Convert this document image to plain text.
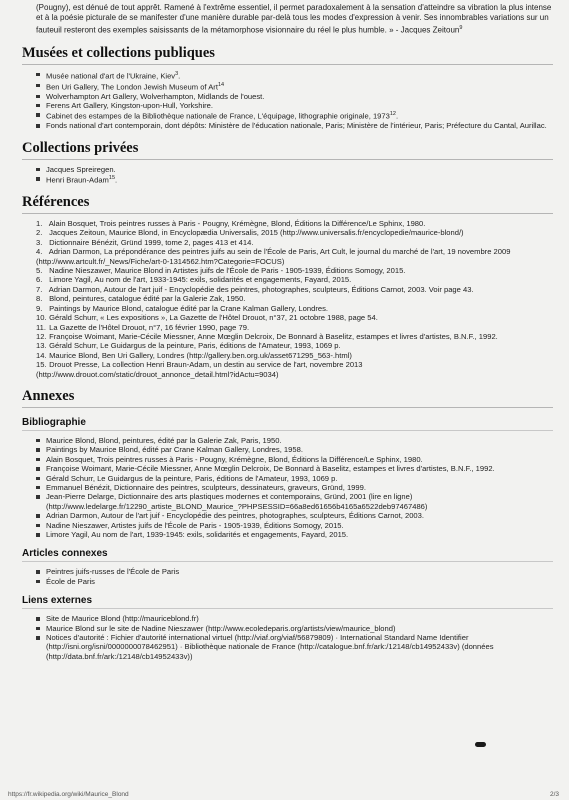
(Pougny), est dénué de tout apprêt. Ramené à l'extrême essentiel, il permet paradoxalement à la sensation d'atteindre sa vibration la plus intense et à la poésie picturale de se manifester d'une manière durable par-delà tous les modes d'expression à venir. Ses innombrables variations sur un fauteuil resteront des exemples saisissants de la métamorphose visionnaire du réel le plus humble. » - Jacques Zeitoun$^9$

Musées et collections publiques
Musée national d'art de l'Ukraine, Kiev$^3$.
Ben Uri Gallery, The London Jewish Museum of Art$^{14}$
Wolverhampton Art Gallery, Wolverhampton, Midlands de l'ouest.
Ferens Art Gallery, Kingston-upon-Hull, Yorkshire.
Cabinet des estampes de la Bibliothèque nationale de France, L'équipage, lithographie originale, 1973$^{12}$.
Fonds national d'art contemporain, dont dépôts: Ministère de l'éducation nationale, Paris; Ministère de l'intérieur, Paris; Préfecture du Cantal, Aurillac.
Collections privées
Jacques Spreiregen.
Henri Braun-Adam$^{15}$.
Références
1. Alain Bosquet, Trois peintres russes à Paris - Pougny, Krémègne, Blond, Éditions la Différence/Le Sphinx, 1980.
2. Jacques Zeitoun, Maurice Blond, in Encyclopædia Universalis, 2015 (http://www.universalis.fr/encyclopedie/maurice-blond/)
3. Dictionnaire Bénézit, Gründ 1999, tome 2, pages 413 et 414.
4. Adrian Darmon, La prépondérance des peintres juifs au sein de l'École de Paris, Art Cult, le journal du marché de l'art, 19 novembre 2009 (http://www.artcult.fr/_News/Fiche/art-0-1314562.htm?Categorie=FOCUS)
5. Nadine Nieszawer, Maurice Blond in Artistes juifs de l'École de Paris - 1905-1939, Éditions Somogy, 2015.
6. Limore Yagil, Au nom de l'art, 1933-1945: exils, solidarités et engagements, Fayard, 2015.
7. Adrian Darmon, Autour de l'art juif - Encyclopédie des peintres, photographes, sculpteurs, Éditions Carnot, 2003. Voir page 43.
8. Blond, peintures, catalogue édité par la Galerie Zak, 1950.
9. Paintings by Maurice Blond, catalogue édité par la Crane Kalman Gallery, Londres.
10. Gérald Schurr, « Les expositions », La Gazette de l'Hôtel Drouot, n°37, 21 octobre 1988, page 54.
11. La Gazette de l'Hôtel Drouot, n°7, 16 février 1990, page 79.
12. Françoise Woimant, Marie-Cécile Miessner, Anne Mœglin Delcroix, De Bonnard à Baselitz, estampes et livres d'artistes, B.N.F., 1992.
13. Gérald Schurr, Le Guidargus de la peinture, Paris, éditions de l'Amateur, 1993, 1069 p.
14. Maurice Blond, Ben Uri Gallery, Londres (http://gallery.ben.org.uk/asset671295_563-.html)
15. Drouot Presse, La collection Henri Braun-Adam, un destin au service de l'art, novembre 2013 (http://www.drouot.com/static/drouot_annonce_detail.html?idActu=9034)
Annexes
Bibliographie
Maurice Blond, Blond, peintures, édité par la Galerie Zak, Paris, 1950.
Paintings by Maurice Blond, édité par Crane Kalman Gallery, Londres, 1958.
Alain Bosquet, Trois peintres russes à Paris - Pougny, Krémègne, Blond, Éditions la Différence/Le Sphinx, 1980.
Françoise Woimant, Marie-Cécile Miessner, Anne Mœglin Delcroix, De Bonnard à Baselitz, estampes et livres d'artistes, B.N.F., 1992.
Gérald Schurr, Le Guidargus de la peinture, Paris, éditions de l'Amateur, 1993, 1069 p.
Emmanuel Bénézit, Dictionnaire des peintres, sculpteurs, dessinateurs, graveurs, Gründ, 1999.
Jean-Pierre Delarge, Dictionnaire des arts plastiques modernes et contemporains, Gründ, 2001 (lire en ligne) (http://www.ledelarge.fr/12290_artiste_BLOND_Maurice_?PHPSESSID=66a8ed61656b4165a6522deb97467486)
Adrian Darmon, Autour de l'art juif - Encyclopédie des peintres, photographes, sculpteurs, Éditions Carnot, 2003.
Nadine Nieszawer, Artistes juifs de l'École de Paris - 1905-1939, Éditions Somogy, 2015.
Limore Yagil, Au nom de l'art, 1939-1945: exils, solidarités et engagements, Fayard, 2015.
Articles connexes
Peintres juifs-russes de l'École de Paris
École de Paris
Liens externes
Site de Maurice Blond (http://mauriceblond.fr)
Maurice Blond sur le site de Nadine Nieszawer (http://www.ecoledeparis.org/artists/view/maurice_blond)
Notices d'autorité : Fichier d'autorité international virtuel (http://viaf.org/viaf/56879809) · International Standard Name Identifier (http://isni.org/isni/0000000078462951) · Bibliothèque nationale de France (http://catalogue.bnf.fr/ark:/12148/cb14952433v) (données (http://data.bnf.fr/ark:/12148/cb14952433v))
https://fr.wikipedia.org/wiki/Maurice_Blond	2/3
